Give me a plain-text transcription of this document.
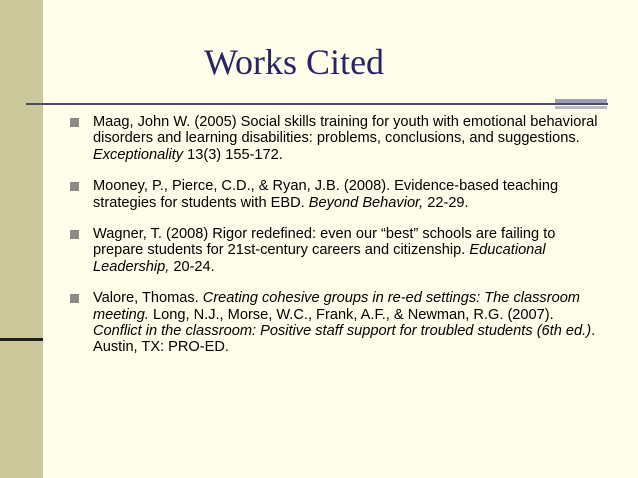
Works Cited
Maag, John W. (2005) Social skills training for youth with emotional behavioral disorders and learning disabilities: problems, conclusions, and suggestions. Exceptionality 13(3) 155-172.
Mooney, P., Pierce, C.D., & Ryan, J.B. (2008). Evidence-based teaching strategies for students with EBD. Beyond Behavior, 22-29.
Wagner, T. (2008) Rigor redefined: even our “best” schools are failing to prepare students for 21st-century careers and citizenship. Educational Leadership, 20-24.
Valore, Thomas. Creating cohesive groups in re-ed settings: The classroom meeting. Long, N.J., Morse, W.C., Frank, A.F., & Newman, R.G. (2007). Conflict in the classroom: Positive staff support for troubled students (6th ed.). Austin, TX: PRO-ED.
